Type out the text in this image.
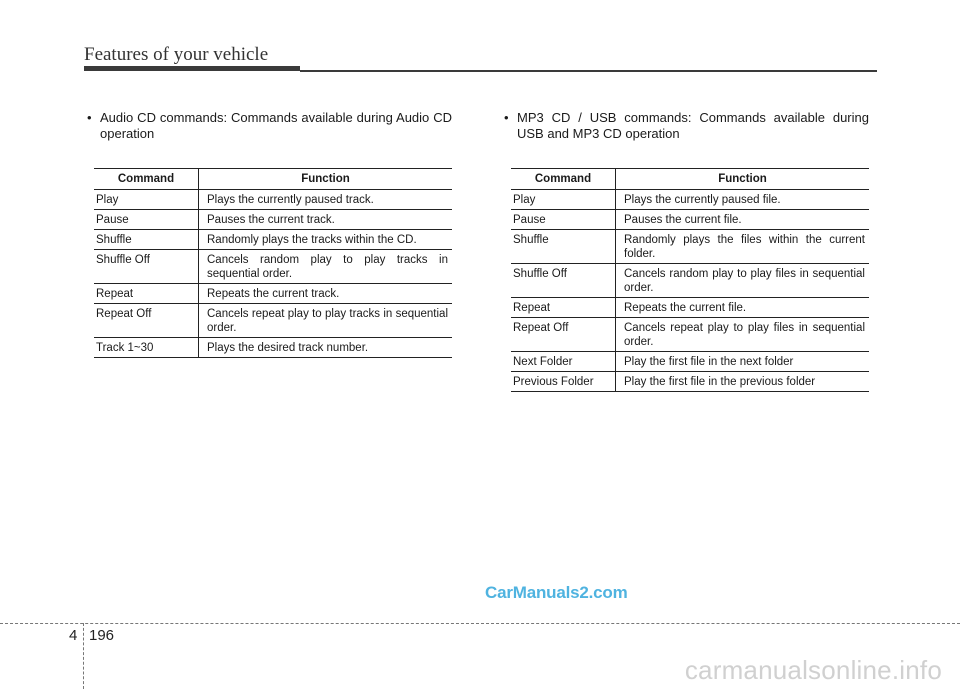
Features of your vehicle

• Audio CD commands: Commands available during Audio CD operation

Command	Function
Play	Plays the currently paused track.

Pause	Pauses the current track.

Shuffle	Randomly plays the tracks within the CD.

Shuffle Off	Cancels random play to play tracks in sequential order.

Repeat	Repeats the current track.

Repeat Off	Cancels repeat play to play tracks in sequential order.

Track 1~30	Plays the desired track number.

• MP3 CD / USB commands: Commands available during USB and MP3 CD operation

Command	Function
Play	Plays the currently paused file.

Pause	Pauses the current file.

Shuffle	Randomly plays the files within the current folder.

Shuffle Off	Cancels random play to play files in sequential order.

Repeat	Repeats the current file.

Repeat Off	Cancels repeat play to play files in sequential order.

Next Folder	Play the first file in the next folder

Previous Folder	Play the first file in the previous folder
CarManuals2.com
4 196
carmanualsonline.info
